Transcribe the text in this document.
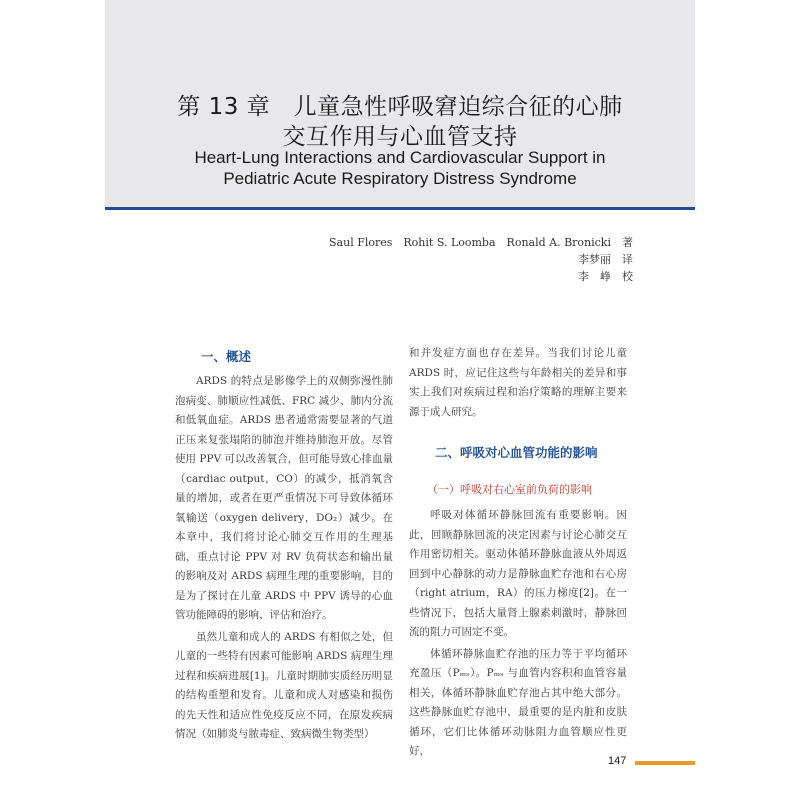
第 13 章　儿童急性呼吸窘迫综合征的心肺
交互作用与心血管支持
Heart-Lung Interactions and Cardiovascular Support in
Pediatric Acute Respiratory Distress Syndrome
Saul Flores　Rohit S. Loomba　Ronald A. Bronicki　著
李梦丽　译
李　峥　校
一、概述

ARDS 的特点是影像学上的双侧弥漫性肺泡病变、肺顺应性减低、FRC 减少、肺内分流和低氧血症。ARDS 患者通常需要显著的气道正压来复张塌陷的肺泡并维持肺泡开放。尽管使用 PPV 可以改善氧合，但可能导致心排血量（cardiac output，CO）的减少，抵消氧含量的增加，或者在更严重情况下可导致体循环氧输送（oxygen delivery，DO₂）减少。在本章中，我们将讨论心肺交互作用的生理基础，重点讨论 PPV 对 RV 负荷状态和输出量的影响及对 ARDS 病理生理的重要影响，目的是为了探讨在儿童 ARDS 中 PPV 诱导的心血管功能障碍的影响、评估和治疗。

虽然儿童和成人的 ARDS 有相似之处，但儿童的一些特有因素可能影响 ARDS 病理生理过程和疾病进展[1]。儿童时期肺实质经历明显的结构重塑和发育。儿童和成人对感染和损伤的先天性和适应性免疫反应不同，在原发疾病情况（如肺炎与脓毒症、致病微生物类型）

和并发症方面也存在差异。当我们讨论儿童 ARDS 时，应记住这些与年龄相关的差异和事实上我们对疾病过程和治疗策略的理解主要来源于成人研究。

二、呼吸对心血管功能的影响
（一）呼吸对右心室前负荷的影响

呼吸对体循环静脉回流有重要影响。因此，回顾静脉回流的决定因素与讨论心肺交互作用密切相关。驱动体循环静脉血液从外周返回到中心静脉的动力是静脉血贮存池和右心房（right atrium，RA）的压力梯度[2]。在一些情况下，包括大量肾上腺素刺激时，静脉回流的阻力可固定不变。

体循环静脉血贮存池的压力等于平均循环充盈压（Pₘₛ）。Pₘₛ 与血管内容积和血管容量相关，体循环静脉血贮存池占其中绝大部分。这些静脉血贮存池中，最重要的是内脏和皮肤循环，它们比体循环动脉阻力血管顺应性更好，

147
